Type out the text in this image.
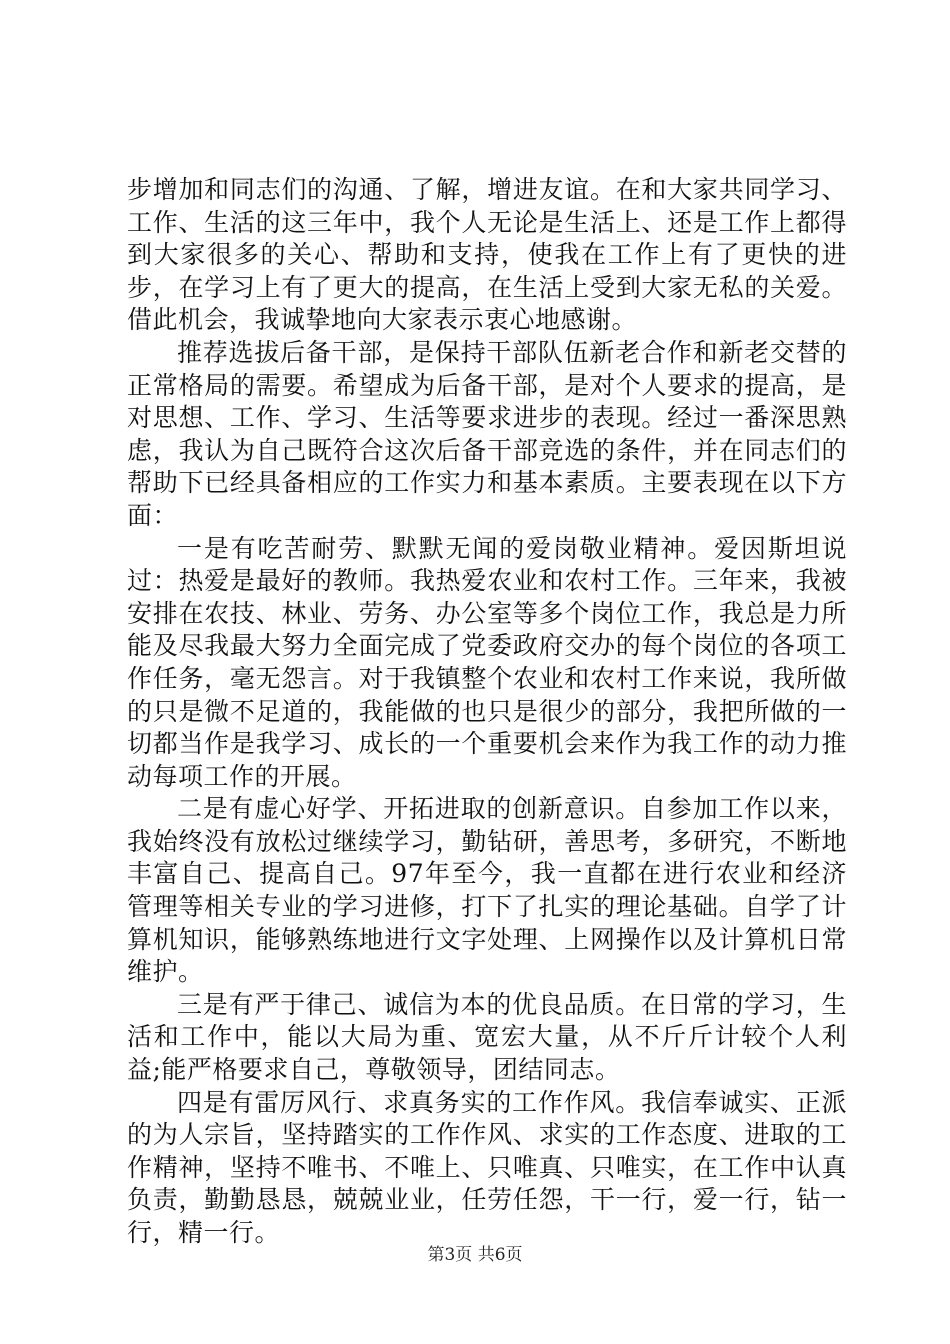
步增加和同志们的沟通、了解，增进友谊。在和大家共同学习、工作、生活的这三年中，我个人无论是生活上、还是工作上都得到大家很多的关心、帮助和支持，使我在工作上有了更快的进步，在学习上有了更大的提高，在生活上受到大家无私的关爱。借此机会，我诚挚地向大家表示衷心地感谢。

推荐选拔后备干部，是保持干部队伍新老合作和新老交替的正常格局的需要。希望成为后备干部，是对个人要求的提高，是对思想、工作、学习、生活等要求进步的表现。经过一番深思熟虑，我认为自己既符合这次后备干部竞选的条件，并在同志们的帮助下已经具备相应的工作实力和基本素质。主要表现在以下方面：

一是有吃苦耐劳、默默无闻的爱岗敬业精神。爱因斯坦说过：热爱是最好的教师。我热爱农业和农村工作。三年来，我被安排在农技、林业、劳务、办公室等多个岗位工作，我总是力所能及尽我最大努力全面完成了党委政府交办的每个岗位的各项工作任务，毫无怨言。对于我镇整个农业和农村工作来说，我所做的只是微不足道的，我能做的也只是很少的部分，我把所做的一切都当作是我学习、成长的一个重要机会来作为我工作的动力推动每项工作的开展。

二是有虚心好学、开拓进取的创新意识。自参加工作以来，我始终没有放松过继续学习，勤钻研，善思考，多研究，不断地丰富自己、提高自己。97年至今，我一直都在进行农业和经济管理等相关专业的学习进修，打下了扎实的理论基础。自学了计算机知识，能够熟练地进行文字处理、上网操作以及计算机日常维护。

三是有严于律己、诚信为本的优良品质。在日常的学习，生活和工作中，能以大局为重、宽宏大量，从不斤斤计较个人利益;能严格要求自己，尊敬领导，团结同志。

四是有雷厉风行、求真务实的工作作风。我信奉诚实、正派的为人宗旨，坚持踏实的工作作风、求实的工作态度、进取的工作精神，坚持不唯书、不唯上、只唯真、只唯实，在工作中认真负责，勤勤恳恳，兢兢业业，任劳任怨，干一行，爱一行，钻一行，精一行。

第3页 共6页
